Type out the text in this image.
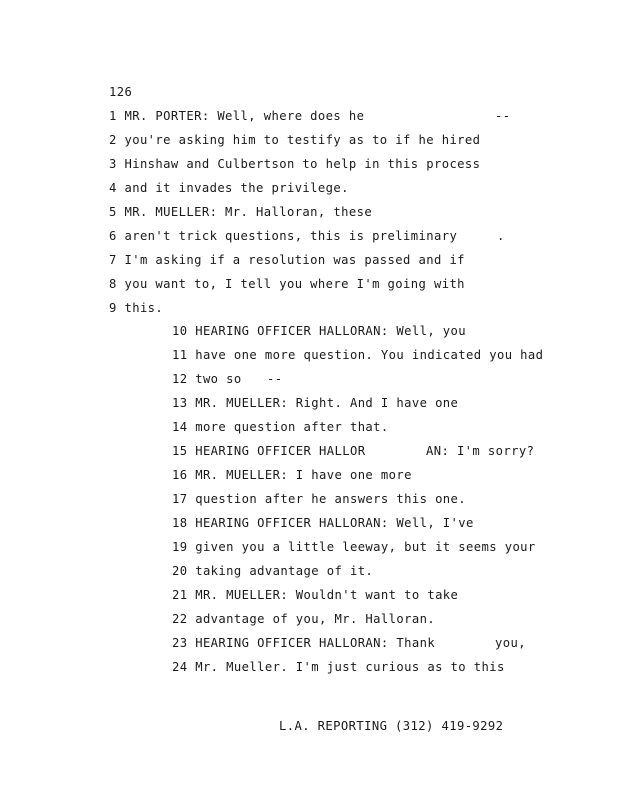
126
1 MR. PORTER: Well, where does he	--
2 you're asking him to testify as to if he hired
3 Hinshaw and Culbertson to help in this process
4 and it invades the privilege.
5 MR. MUELLER: Mr. Halloran, these
6 aren't trick questions, this is preliminary	.
7 I'm asking if a resolution was passed and if
8 you want to, I tell you where I'm going with
9 this.
10 HEARING OFFICER HALLORAN: Well, you
11 have one more question. You indicated you had
12 two so --
13 MR. MUELLER: Right. And I have one
14 more question after that.
15 HEARING OFFICER HALLOR	AN: I'm sorry?
16 MR. MUELLER: I have one more
17 question after he answers this one.
18 HEARING OFFICER HALLORAN: Well, I've
19 given you a little leeway, but it seems your
20 taking advantage of it.
21 MR. MUELLER: Wouldn't want to take
22 advantage of you, Mr. Halloran.
23 HEARING OFFICER HALLORAN: Thank	you,
24 Mr. Mueller. I'm just curious as to this
L.A. REPORTING (312) 419-9292
